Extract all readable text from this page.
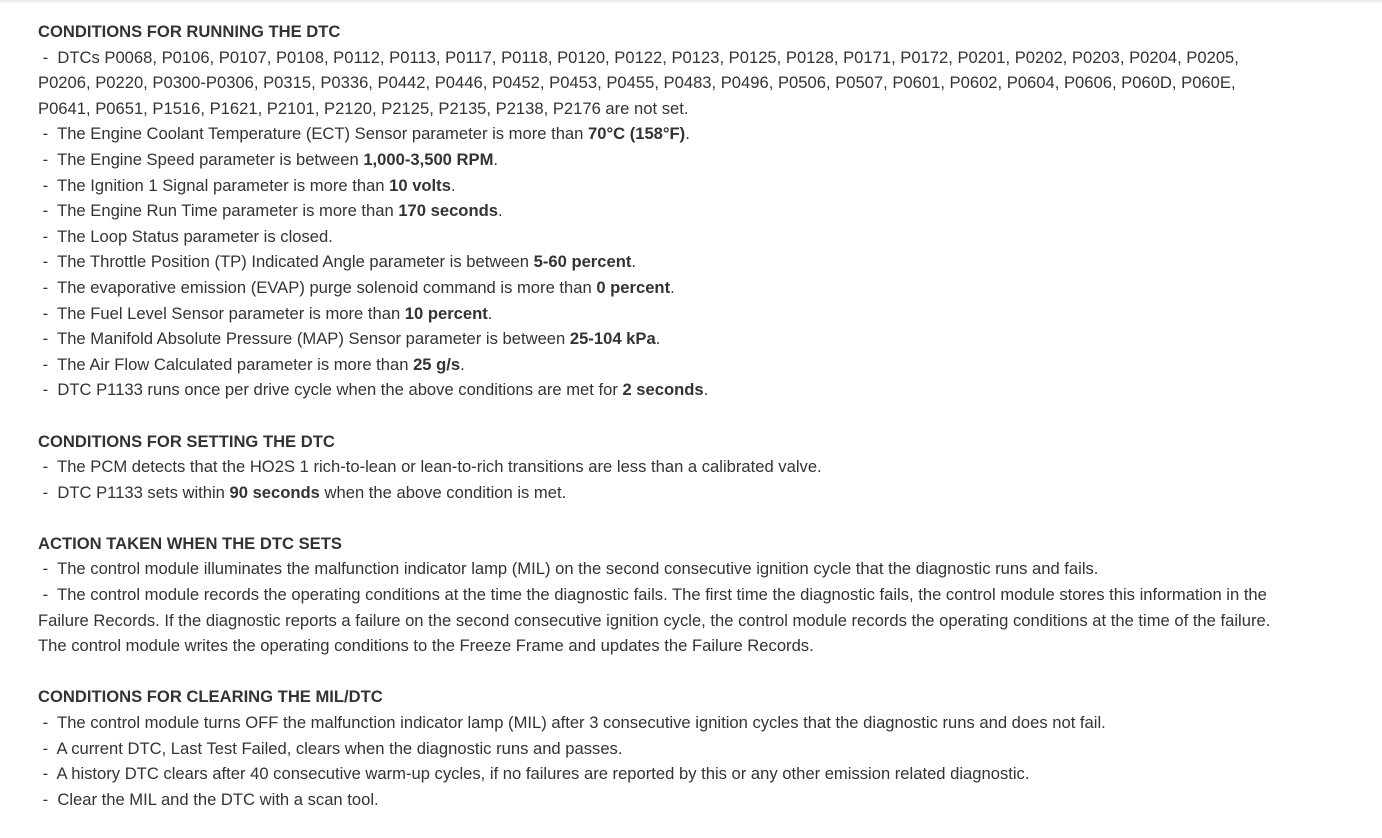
CONDITIONS FOR RUNNING THE DTC
-  DTCs P0068, P0106, P0107, P0108, P0112, P0113, P0117, P0118, P0120, P0122, P0123, P0125, P0128, P0171, P0172, P0201, P0202, P0203, P0204, P0205, P0206, P0220, P0300-P0306, P0315, P0336, P0442, P0446, P0452, P0453, P0455, P0483, P0496, P0506, P0507, P0601, P0602, P0604, P0606, P060D, P060E, P0641, P0651, P1516, P1621, P2101, P2120, P2125, P2135, P2138, P2176 are not set.
-  The Engine Coolant Temperature (ECT) Sensor parameter is more than 70°C (158°F).
-  The Engine Speed parameter is between 1,000-3,500 RPM.
-  The Ignition 1 Signal parameter is more than 10 volts.
-  The Engine Run Time parameter is more than 170 seconds.
-  The Loop Status parameter is closed.
-  The Throttle Position (TP) Indicated Angle parameter is between 5-60 percent.
-  The evaporative emission (EVAP) purge solenoid command is more than 0 percent.
-  The Fuel Level Sensor parameter is more than 10 percent.
-  The Manifold Absolute Pressure (MAP) Sensor parameter is between 25-104 kPa.
-  The Air Flow Calculated parameter is more than 25 g/s.
-  DTC P1133 runs once per drive cycle when the above conditions are met for 2 seconds.
CONDITIONS FOR SETTING THE DTC
-  The PCM detects that the HO2S 1 rich-to-lean or lean-to-rich transitions are less than a calibrated valve.
-  DTC P1133 sets within 90 seconds when the above condition is met.
ACTION TAKEN WHEN THE DTC SETS
-  The control module illuminates the malfunction indicator lamp (MIL) on the second consecutive ignition cycle that the diagnostic runs and fails.
-  The control module records the operating conditions at the time the diagnostic fails. The first time the diagnostic fails, the control module stores this information in the Failure Records. If the diagnostic reports a failure on the second consecutive ignition cycle, the control module records the operating conditions at the time of the failure. The control module writes the operating conditions to the Freeze Frame and updates the Failure Records.
CONDITIONS FOR CLEARING THE MIL/DTC
-  The control module turns OFF the malfunction indicator lamp (MIL) after 3 consecutive ignition cycles that the diagnostic runs and does not fail.
-  A current DTC, Last Test Failed, clears when the diagnostic runs and passes.
-  A history DTC clears after 40 consecutive warm-up cycles, if no failures are reported by this or any other emission related diagnostic.
-  Clear the MIL and the DTC with a scan tool.
